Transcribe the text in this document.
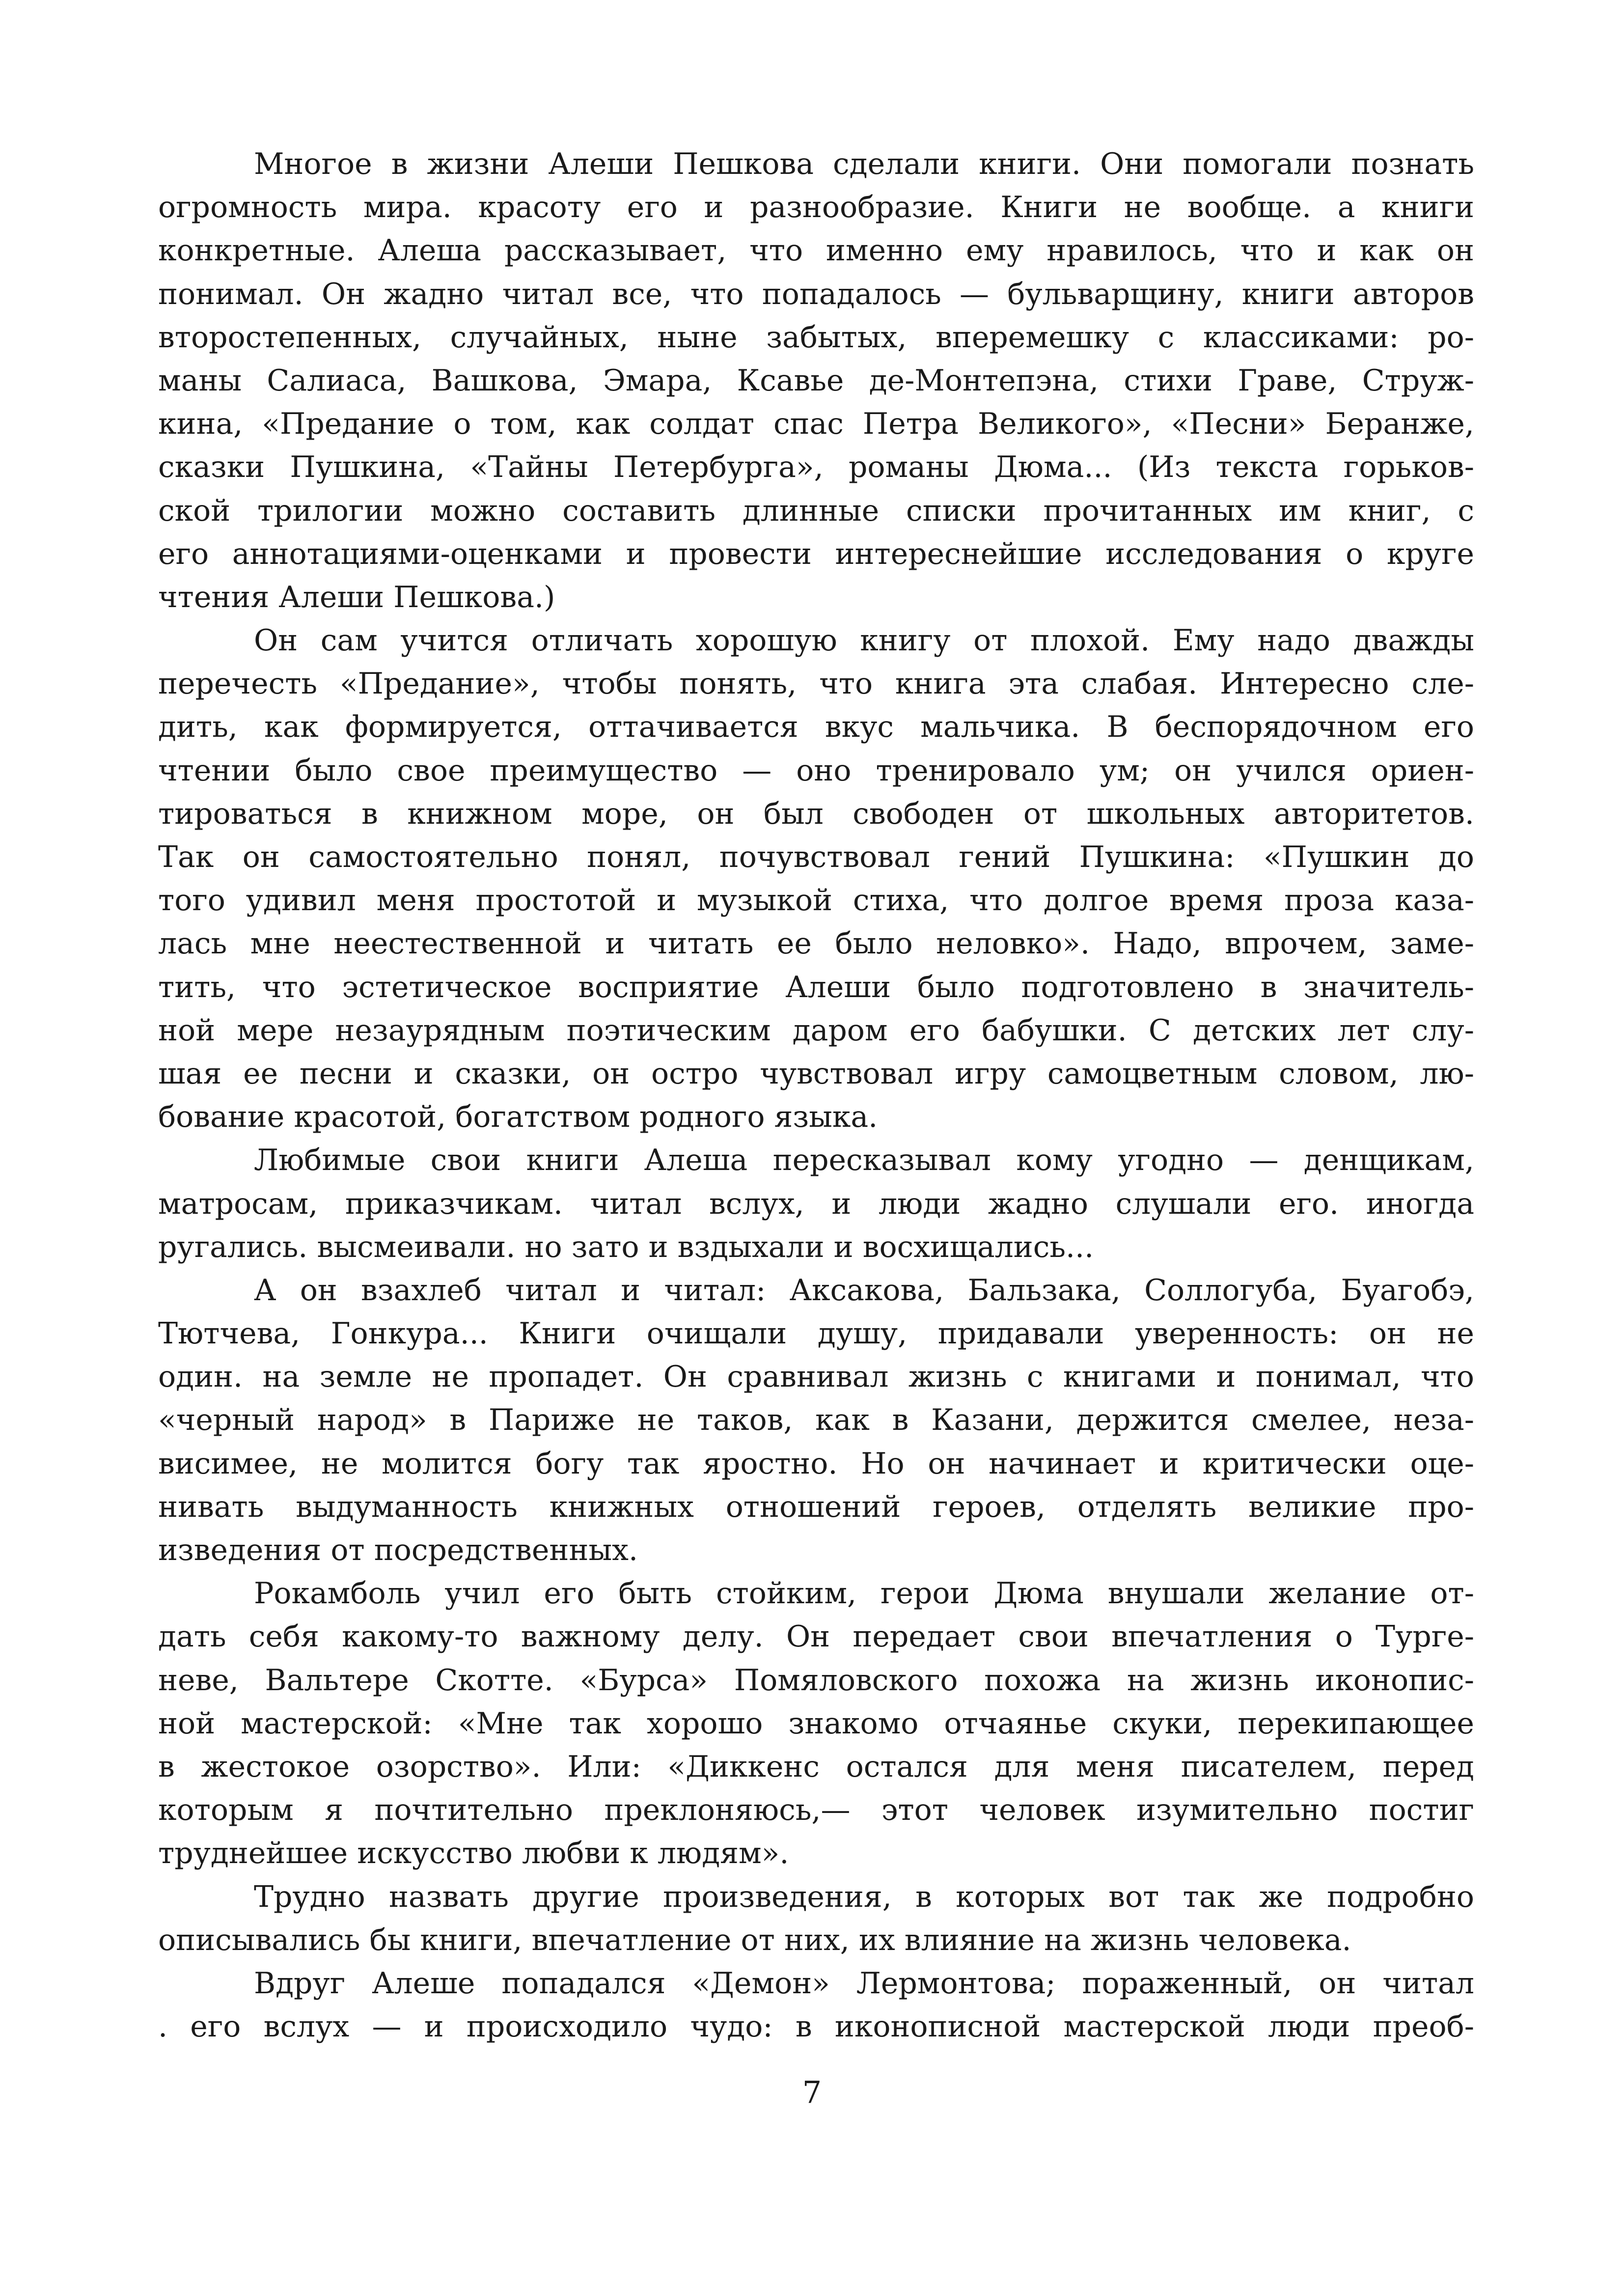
Многое в жизни Алеши Пешкова сделали книги. Они помогали познать
огромность мира. красоту его и разнообразие. Книги не вообще. а книги
конкретные. Алеша рассказывает, что именно ему нравилось, что и как он
понимал. Он жадно читал все, что попадалось — бульварщину, книги авторов
второстепенных, случайных, ныне забытых, вперемешку с классиками: ро-
маны Салиаса, Вашкова, Эмара, Ксавье де-Монтепэна, стихи Граве, Струж-
кина, «Предание о том, как солдат спас Петра Великого», «Песни» Беранже,
сказки Пушкина, «Тайны Петербурга», романы Дюма... (Из текста горьков-
ской трилогии можно составить длинные списки прочитанных им книг, с
его аннотациями-оценками и провести интереснейшие исследования о круге
чтения Алеши Пешкова.)
Он сам учится отличать хорошую книгу от плохой. Ему надо дважды
перечесть «Предание», чтобы понять, что книга эта слабая. Интересно сле-
дить, как формируется, оттачивается вкус мальчика. В беспорядочном его
чтении было свое преимущество — оно тренировало ум; он учился ориен-
тироваться в книжном море, он был свободен от школьных авторитетов.
Так он самостоятельно понял, почувствовал гений Пушкина: «Пушкин до
того удивил меня простотой и музыкой стиха, что долгое время проза каза-
лась мне неестественной и читать ее было неловко». Надо, впрочем, заме-
тить, что эстетическое восприятие Алеши было подготовлено в значитель-
ной мере незаурядным поэтическим даром его бабушки. С детских лет слу-
шая ее песни и сказки, он остро чувствовал игру самоцветным словом, лю-
бование красотой, богатством родного языка.
Любимые свои книги Алеша пересказывал кому угодно — денщикам,
матросам, приказчикам. читал вслух, и люди жадно слушали его. иногда
ругались. высмеивали. но зато и вздыхали и восхищались...
А он взахлеб читал и читал: Аксакова, Бальзака, Соллогуба, Буагобэ,
Тютчева, Гонкура... Книги очищали душу, придавали уверенность: он не
один. на земле не пропадет. Он сравнивал жизнь с книгами и понимал, что
«черный народ» в Париже не таков, как в Казани, держится смелее, неза-
висимее, не молится богу так яростно. Но он начинает и критически оце-
нивать выдуманность книжных отношений героев, отделять великие про-
изведения от посредственных.
Рокамболь учил его быть стойким, герои Дюма внушали желание от-
дать себя какому-то важному делу. Он передает свои впечатления о Турге-
неве, Вальтере Скотте. «Бурса» Помяловского похожа на жизнь иконопис-
ной мастерской: «Мне так хорошо знакомо отчаянье скуки, перекипающее
в жестокое озорство». Или: «Диккенс остался для меня писателем, перед
которым я почтительно преклоняюсь,— этот человек изумительно постиг
труднейшее искусство любви к людям».
Трудно назвать другие произведения, в которых вот так же подробно
описывались бы книги, впечатление от них, их влияние на жизнь человека.
Вдруг Алеше попадался «Демон» Лермонтова; пораженный, он читал
. его вслух — и происходило чудо: в иконописной мастерской люди преоб-
7
